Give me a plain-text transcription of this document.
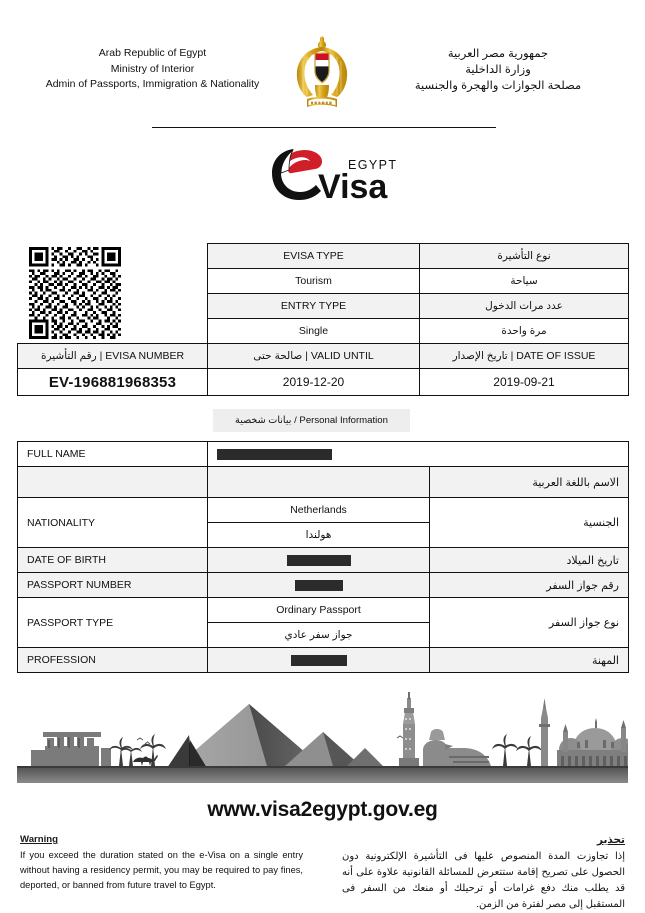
Arab Republic of Egypt
Ministry of Interior
Admin of Passports, Immigration & Nationality
جمهورية مصر العربية
وزارة الداخلية
مصلحة الجوازات والهجرة والجنسية
EGYPT
Visa
	EVISA TYPE	نوع التأشيرة
	Tourism	سياحة
	ENTRY TYPE	عدد مرات الدخول
	Single	مرة واحدة
رقم التأشيرة | EVISA NUMBER	صالحة حتى | VALID UNTIL	تاريخ الإصدار | DATE OF ISSUE
EV-196881968353	2019-12-20	2019-09-21
بيانات شخصية / Personal Information
FULL NAME		
		الاسم باللغة العربية
NATIONALITY	Netherlands	الجنسية
	هولندا	
DATE OF BIRTH		تاريخ الميلاد
PASSPORT NUMBER		رقم جواز السفر
PASSPORT TYPE	Ordinary Passport	نوع جواز السفر
	جواز سفر عادي	
PROFESSION		المهنة
www.visa2egypt.gov.eg
Warning
If you exceed the duration stated on the e-Visa on a single entry without having a residency permit, you may be required to pay fines, deported, or banned from future travel to Egypt.
تحذير
إذا تجاوزت المدة المنصوص عليها فى التأشيرة الإلكترونية دون الحصول على تصريح إقامة ستتعرض للمسائلة القانونية علاوة على أنه قد يطلب منك دفع غرامات أو ترحيلك أو منعك من السفر فى المستقبل إلى مصر لفترة من الزمن.
